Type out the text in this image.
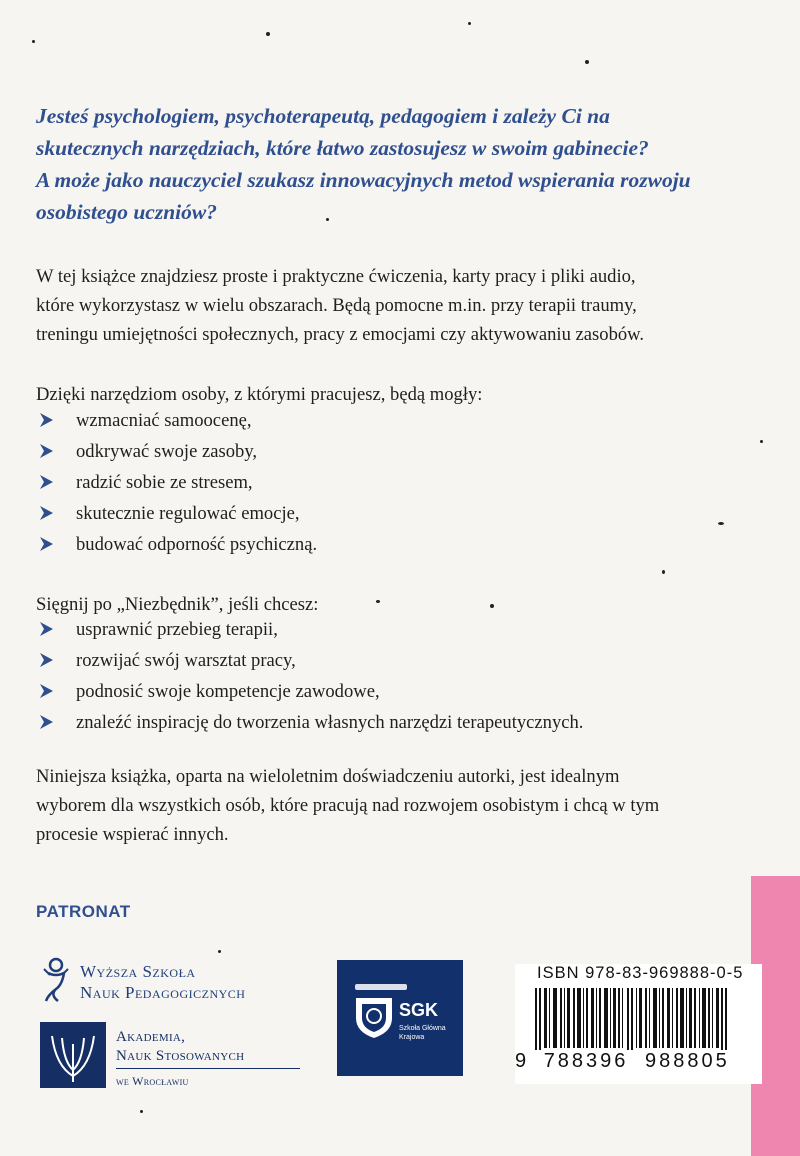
Jesteś psychologiem, psychoterapeutą, pedagogiem i zależy Ci na
skutecznych narzędziach, które łatwo zastosujesz w swoim gabinecie?
A może jako nauczyciel szukasz innowacyjnych metod wspierania rozwoju
osobistego uczniów?
W tej książce znajdziesz proste i praktyczne ćwiczenia, karty pracy i pliki audio,
które wykorzystasz w wielu obszarach. Będą pomocne m.in. przy terapii traumy,
treningu umiejętności społecznych, pracy z emocjami czy aktywowaniu zasobów.
Dzięki narzędziom osoby, z którymi pracujesz, będą mogły:
wzmacniać samoocenę,
odkrywać swoje zasoby,
radzić sobie ze stresem,
skutecznie regulować emocje,
budować odporność psychiczną.
Sięgnij po „Niezbędnik”, jeśli chcesz:
usprawnić przebieg terapii,
rozwijać swój warsztat pracy,
podnosić swoje kompetencje zawodowe,
znaleźć inspirację do tworzenia własnych narzędzi terapeutycznych.
Niniejsza książka, oparta na wieloletnim doświadczeniu autorki, jest idealnym
wyborem dla wszystkich osób, które pracują nad rozwojem osobistym i chcą w tym
procesie wspierać innych.
PATRONAT
Wyższa Szkoła
Nauk Pedagogicznych
Akademia,
Nauk Stosowanych
we Wrocławiu
SGK
Szkoła Główna
Krajowa
ISBN 978-83-969888-0-5
9 788396 988805
